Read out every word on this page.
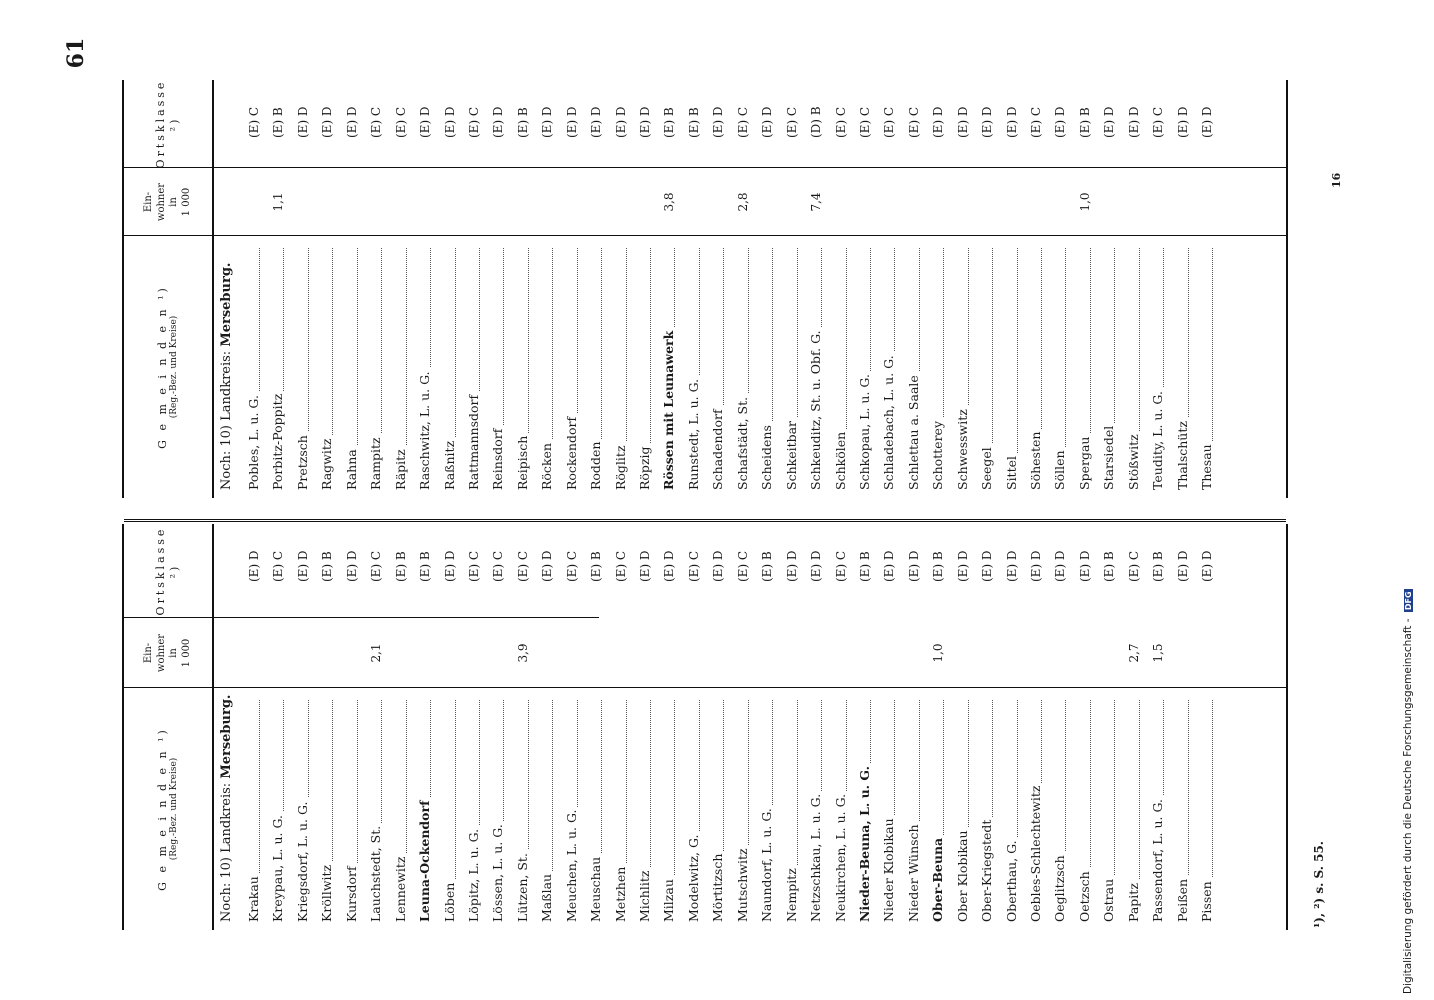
61
G e m e i n d e n ¹) (Reg.-Bez. und Kreise)
Ein- wohner in 1 000
Ortsklasse ²)
Noch: 10) Landkreis: Merseburg.
Krakau
(E) D
Kreypau, L. u. G.
(E) C
Kriegsdorf, L. u. G.
(E) D
Kröllwitz
(E) B
Kursdorf
(E) D
Lauchstedt, St.
2,1
(E) C
Lennewitz
(E) B
Leuna-Ockendorf
(E) B
Löben
(E) D
Löpitz, L. u. G.
(E) C
Lössen, L. u. G.
(E) C
Lützen, St.
3,9
(E) C
Maßlau
(E) D
Meuchen, L. u. G.
(E) C
Meuschau
(E) B
Metzhen
(E) C
Michlitz
(E) D
Milzau
(E) D
Modelwitz, G.
(E) C
Mörtitzsch
(E) D
Mutschwitz
(E) C
Naundorf, L. u. G.
(E) B
Nempitz
(E) D
Netzschkau, L. u. G.
(E) D
Neukirchen, L. u. G.
(E) C
Nieder-Beuna, L. u. G.
(E) B
Nieder Klobikau
(E) D
Nieder Wünsch
(E) D
Ober-Beuna
1,0
(E) B
Ober Klobikau
(E) D
Ober-Kriegstedt
(E) D
Oberthau, G.
(E) D
Oebles-Schlechtewitz
(E) D
Oeglitzsch
(E) D
Oetzsch
(E) D
Ostrau
(E) B
Papitz
2,7
(E) C
Passendorf, L. u. G.
1,5
(E) B
Peißen
(E) D
Pissen
(E) D
G e m e i n d e n ¹) (Reg.-Bez. und Kreise)
Ein- wohner in 1 000
Ortsklasse ²)
Noch: 10) Landkreis: Merseburg.
Pobles, L. u. G.
(E) C
Porbitz-Poppitz
1,1
(E) B
Pretzsch
(E) D
Ragwitz
(E) D
Rahna
(E) D
Rampitz
(E) C
Räpitz
(E) C
Raschwitz, L. u. G.
(E) D
Raßnitz
(E) D
Rattmannsdorf
(E) C
Reinsdorf
(E) D
Reipisch
(E) B
Röcken
(E) D
Rockendorf
(E) D
Rodden
(E) D
Röglitz
(E) D
Röpzig
(E) D
Rössen mit Leunawerk
3,8
(E) B
Runstedt, L. u. G.
(E) B
Schadendorf
(E) D
Schafstädt, St.
2,8
(E) C
Scheidens
(E) D
Schkeitbar
(E) C
Schkeuditz, St. u. Obf. G.
7,4
(D) B
Schkölen
(E) C
Schkopau, L. u. G.
(E) C
Schladebach, L. u. G.
(E) C
Schlettau a. Saale
(E) C
Schotterey
(E) D
Schwesswitz
(E) D
Seegel
(E) D
Sittel
(E) D
Söhesten
(E) C
Söllen
(E) D
Spergau
1,0
(E) B
Starsiedel
(E) D
Stößwitz
(E) D
Teudity, L. u. G.
(E) C
Thalschütz
(E) D
Thesau
(E) D
¹), ²) s. S. 55.
16
Digitalisierung gefördert durch die Deutsche Forschungsgemeinschaft - DFG
